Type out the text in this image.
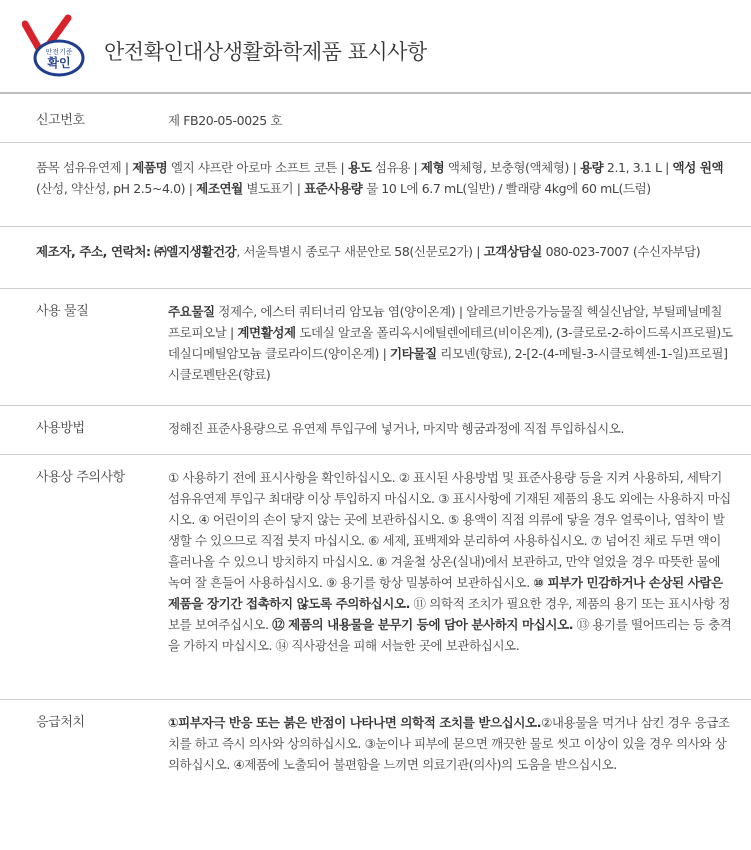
안전기준
확인 안전확인대상생활화학제품 표시사항
신고번호	제 FB20-05-0025 호
품목 섬유유연제 | 제품명 엘지 샤프란 아로마 소프트 코튼 | 용도 섬유용 | 제형 액체형, 보충형(액체형) | 용량 2.1, 3.1 L | 액성 원액(산성, 약산성, pH 2.5~4.0) | 제조연월 별도표기 | 표준사용량 물 10 L에 6.7 mL(일반) / 빨래량 4kg에 60 mL(드럼)
제조자, 주소, 연락처: ㈜엘지생활건강, 서울특별시 종로구 새문안로 58(신문로2가) | 고객상담실 080-023-7007 (수신자부담)
사용 물질	주요물질 정제수, 에스터 쿼터너리 암모늄 염(양이온계) | 알레르기반응가능물질 헥실신남알, 부틸페닐메칠프로피오날 | 계면활성제 도데실 알코올 폴리옥시에틸렌에테르(비이온계), (3-클로로-2-하이드록시프로필)도데실디메틸암모늄 클로라이드(양이온계) | 기타물질 리모넨(향료), 2-[2-(4-메틸-3-시클로헥센-1-일)프로필]시클로펜탄온(향료)
사용방법	정해진 표준사용량으로 유연제 투입구에 넣거나, 마지막 헹굼과정에 직접 투입하십시오.
사용상 주의사항	① 사용하기 전에 표시사항을 확인하십시오. ② 표시된 사용방법 및 표준사용량 등을 지켜 사용하되, 세탁기 섬유유연제 투입구 최대량 이상 투입하지 마십시오. ③ 표시사항에 기재된 제품의 용도 외에는 사용하지 마십시오. ④ 어린이의 손이 닿지 않는 곳에 보관하십시오. ⑤ 용액이 직접 의류에 닿을 경우 얼룩이나, 염착이 발생할 수 있으므로 직접 붓지 마십시오. ⑥ 세제, 표백제와 분리하여 사용하십시오. ⑦ 넘어진 채로 두면 액이 흘러나올 수 있으니 방치하지 마십시오. ⑧ 겨울철 상온(실내)에서 보관하고, 만약 얼었을 경우 따뜻한 물에 녹여 잘 흔들어 사용하십시오. ⑨ 용기를 항상 밀봉하여 보관하십시오. ⑩ 피부가 민감하거나 손상된 사람은 제품을 장기간 접촉하지 않도록 주의하십시오. ⑪ 의학적 조치가 필요한 경우, 제품의 용기 또는 표시사항 정보를 보여주십시오. ⑫ 제품의 내용물을 분무기 등에 담아 분사하지 마십시오. ⑬ 용기를 떨어뜨리는 등 충격을 가하지 마십시오. ⑭ 직사광선을 피해 서늘한 곳에 보관하십시오.
응급처치	①피부자극 반응 또는 붉은 반점이 나타나면 의학적 조치를 받으십시오.②내용물을 먹거나 삼킨 경우 응급조치를 하고 즉시 의사와 상의하십시오. ③눈이나 피부에 묻으면 깨끗한 물로 씻고 이상이 있을 경우 의사와 상의하십시오. ④제품에 노출되어 불편함을 느끼면 의료기관(의사)의 도움을 받으십시오.
